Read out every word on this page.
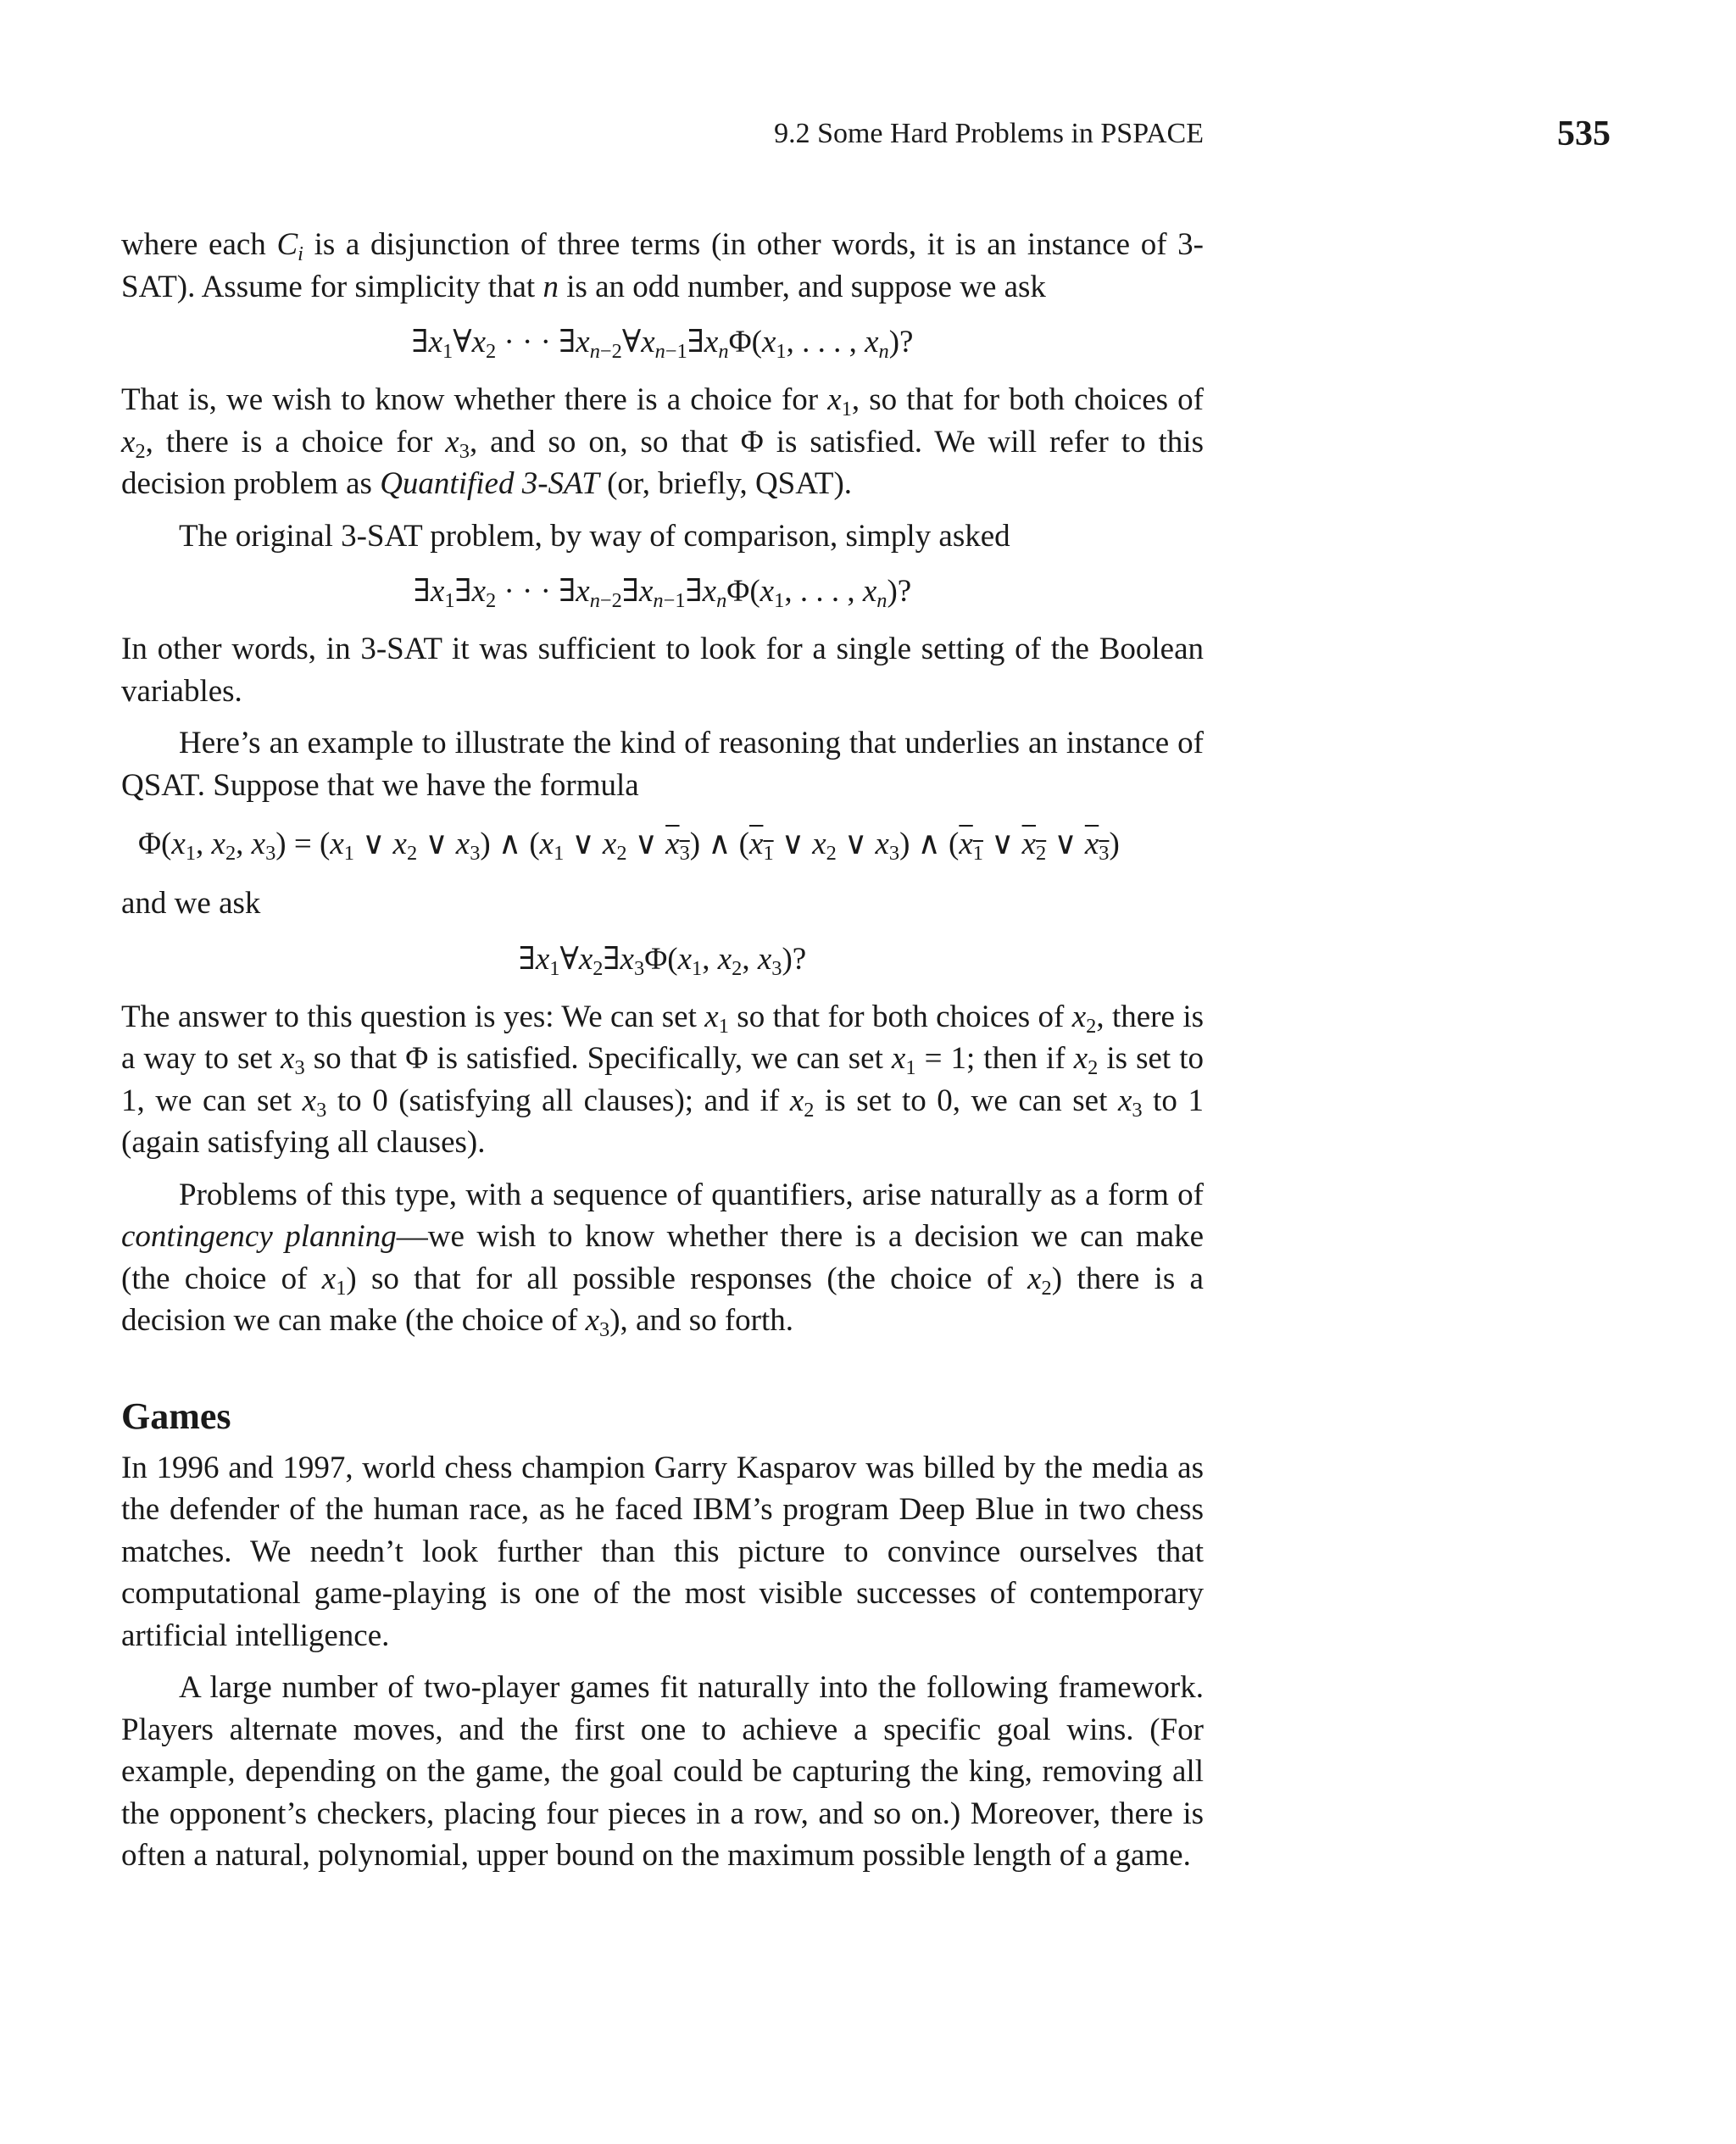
9.2 Some Hard Problems in PSPACE	535

where each $C_i$ is a disjunction of three terms (in other words, it is an instance of 3-SAT). Assume for simplicity that n is an odd number, and suppose we ask

$\exists x_1\forall x_2$ · · · $\exists x_{n-2}\forall x_{n-1}\exists x_n\Phi(x_1$, . . . , $x_n$)?

That is, we wish to know whether there is a choice for $x_1$, so that for both choices of $x_2$, there is a choice for $x_3$, and so on, so that Φ is satisfied. We will refer to this decision problem as Quantified 3-SAT (or, briefly, QSAT).

The original 3-SAT problem, by way of comparison, simply asked

$\exists x_1\exists x_2$ · · · $\exists x_{n-2}\exists x_{n-1}\exists x_n\Phi(x_1$, . . . , $x_n$)?

In other words, in 3-SAT it was sufficient to look for a single setting of the Boolean variables.

Here’s an example to illustrate the kind of reasoning that underlies an instance of QSAT. Suppose that we have the formula

$\Phi(x_1$, $x_2$, $x_3) = (x_1$ ∨ $x_2$ ∨ $x_3$) ∧ ($x_1$ ∨ $x_2$ ∨ $x_3$) ∧ ($x_1$ ∨ $x_2$ ∨ $x_3$) ∧ ($x_1$ ∨ $x_2$ ∨ $x_3$)

and we ask

$\exists x_1\forall x_2\exists x_3\Phi(x_1$, $x_2$, $x_3$)?

The answer to this question is yes: We can set $x_1$ so that for both choices of $x_2$, there is a way to set $x_3$ so that Φ is satisfied. Specifically, we can set $x_1 = 1$; then if $x_2$ is set to 1, we can set $x_3$ to 0 (satisfying all clauses); and if $x_2$ is set to 0, we can set $x_3$ to 1 (again satisfying all clauses).

Problems of this type, with a sequence of quantifiers, arise naturally as a form of contingency planning—we wish to know whether there is a decision we can make (the choice of $x_1$) so that for all possible responses (the choice of $x_2$) there is a decision we can make (the choice of $x_3$), and so forth.

Games

In 1996 and 1997, world chess champion Garry Kasparov was billed by the media as the defender of the human race, as he faced IBM’s program Deep Blue in two chess matches. We needn’t look further than this picture to convince ourselves that computational game-playing is one of the most visible successes of contemporary artificial intelligence.

A large number of two-player games fit naturally into the following framework. Players alternate moves, and the first one to achieve a specific goal wins. (For example, depending on the game, the goal could be capturing the king, removing all the opponent’s checkers, placing four pieces in a row, and so on.) Moreover, there is often a natural, polynomial, upper bound on the maximum possible length of a game.
